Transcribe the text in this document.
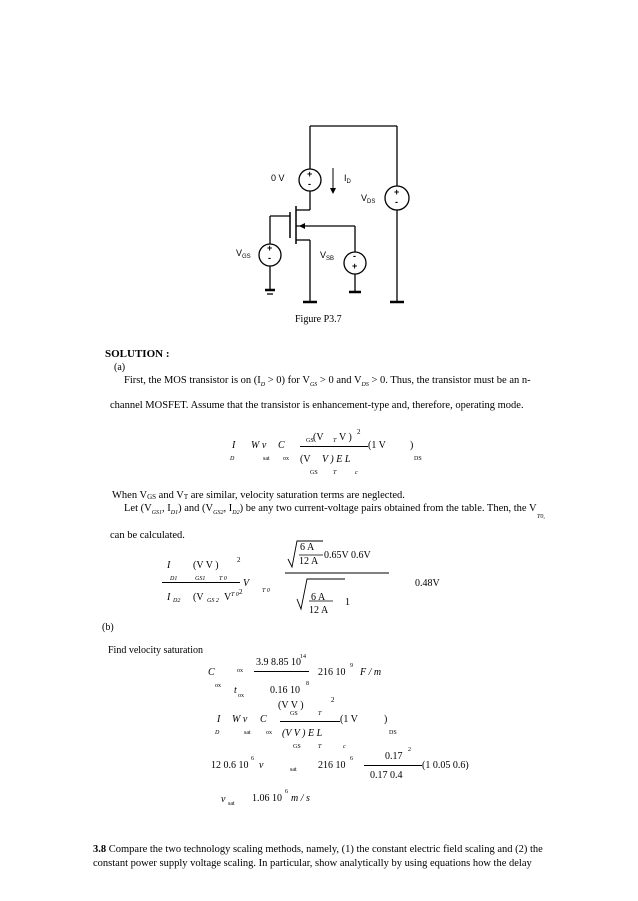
0 V	$I_D$
$V_{DS}$
$V_{GS}$	$V_{SB}$
+
-
+
-
+
-	-
+
Figure P3.7
SOLUTION :
(a)
First, the MOS transistor is on $(I_D > 0)$ for $V_{GS} > 0$ and $V_{DS} > 0$. Thus, the transistor must be an n-
channel MOSFET. Assume that the transistor is enhancement-type and, therefore, operating mode.
I
D
W v
sat
C
ox
GS (V T V ) 2
(1 V )
DS
(V V ) E L
GS	T	c
When VGS and VT are similar, velocity saturation terms are neglected.
Let ($V_{GS1}$, $I_{D1}$) and ($V_{GS2}$, $I_{D2}$) be any two current-voltage pairs obtained from the table. Then, the V
T0,
can be calculated.
I (V V )	2
D1	GS1 T 0 V
T 0
I D2 (V GS 2 V T 0 2
6 A
12 A
0.65V 0.6V
6 A
12 A
1
0.48V
(b)
Find velocity saturation
C	ox
3.9 8.85 10 14
216 10
9
F / m
ox t ox	0.16 10
8
(V V )	2
GS	T
I
D
W v
sat
C
ox
(1 V	)
DS
(V V ) E L
GS	T	c
12 0.6 10
6
v	sat 216 10
6	0.17
2
0.17 0.4
(1 0.05 0.6)
v sat 1.06 10
6
m / s
3.8 Compare the two technology scaling methods, namely, (1) the constant electric field scaling and (2) the
constant power supply voltage scaling. In particular, show analytically by using equations how the delay
